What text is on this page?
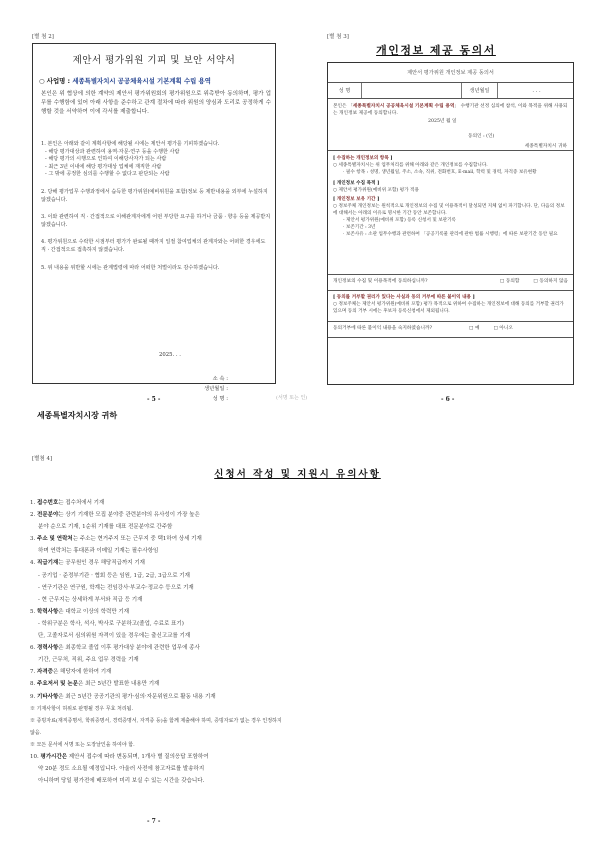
[별 첨 2]
제안서 평가위원 기피 및 보안 서약서
○ 사업명 : 세종특별자치시 공공체육시설 기본계획 수립 용역
본인은 위 협상에 의한 계약의 제안서 평가위원회의 평가위원으로 위촉받아 동의하며, 평가 업무를 수행함에 있어 아래 사항을 준수하고 관계 절차에 따라 위원의 양심과 도리로 공정하게 수행할 것을 서약하여 이에 각서를 제출합니다.
1. 본인은 아래와 같이 계획사항에 해당될 시에는 제안서 평가를 기피하겠습니다.
- 해당 평가대상과 관련하여 용역·자문·연구 등을 수행한 사람
- 해당 평가의 시행으로 인하여 이해당사자가 되는 사람
- 최근 3년 이내에 해당 평가대상 업체에 재직한 사람
- 그 밖에 공정한 심의를 수행할 수 없다고 판단되는 사람
2. 당해 평가업무 수행과정에서 습득한 평가위원(예비위원을 포함)정보 등 제반내용을 외부에 누설하지 않겠습니다.
3. 이와 관련하여 직 · 간접적으로 이해관계자에게 어떤 부당한 요구를 하거나 금품 · 향응 등을 제공받지 않겠습니다.
4. 평가위원으로 수락한 시점부터 평가가 완료될 때까지 일절 참여업체의 관계자와는 어떠한 경우에도 직 · 간접적으로 접촉하지 않겠습니다.
5. 위 내용을 위반할 시에는 관계법령에 따라 어떠한 처벌이라도 감수하겠습니다.
2025. . .
소 속 :
생년월일 :
성 명 :	(서명 또는 인)
세종특별자치시장 귀하
- 5 -
[별 첨 3]
개인정보 제공 동의서
제안서 평가위원 개인정보 제공 동의서
성 명	생년월일	. . .
본인은 「세종특별자치시 공공체육시설 기본계획 수립 용역」 수행기관 선정 심의에 참석, 이와 목적을 위해 사용되는 개인정보 제공에 동의합니다.
2025년 월 일
동의인 : (인)
세종특별자치시 귀하
[ 수집하는 개인정보의 항목 ]
○ 세종특별자치시는 위 업무처리를 위해 아래와 같은 개인정보를 수집합니다.
· 필수 항목 : 성명, 생년월일, 주소, 소속, 직위, 전화번호, E-mail, 학력 및 경력, 자격증 보유현황
[ 개인정보 수집 목적 ]
○ 제안서 평가위원(예비위 포함) 평가 적용
[ 개인정보 보유 기간 ]
○ 정보주체 개인정보는 원칙적으로 개인정보의 수집 및 이용목적이 달성되면 지체 없이 파기합니다. 단, 다음의 정보에 대해서는 아래의 이유로 명시한 기간 동안 보존합니다.
- 제안서 평가위원(예비위 포함) 등록 신청서 및 보관기록
· 보존기간 : 3년
· 보존사유 : 소관 업무수행과 관련하여 「공공기록물 관리에 관한 법률 시행령」에 따른 보관기간 동안 필요
개인정보의 수집 및 이용목적에 동의하십니까?	□ 동의함	□ 동의하지 않음
[ 동의를 거부할 권리가 있다는 사실과 동의 거부에 따른 불이익 내용 ]
○ 정보주체는 제안서 평가위원(예비위 포함) 평가 목적으로 위하여 수집하는 개인정보에 대해 동의를 거부할 권리가 있으며 동의 거부 시에는 후보자 등록신청에서 제외됩니다.
동의거부에 따른 불이익 내용을 숙지하였습니까?	□ 예	□ 아니오
- 6 -
[별첨 4]
신청서 작성 및 지원시 유의사항
1. 접수번호는 접수처에서 기재
2. 전문분야는 상기 기재한 모집 분야중 관련분야의 유사성이 가장 높은
분야 순으로 기재, 1순위 기재를 대표 전문분야로 간주함
3. 주소 및 연락처는 주소는 현거주지 또는 근무지 중 택1하여 상세 기재
하며 연락처는 휴대폰과 이메일 기재는 필수사항임
4. 직급기재는 공무원인 경우 해당직급까지 기재
- 공기업 · 준정부기관 · 협회 등은 임원, 1급, 2급, 3급으로 기재
- 연구기관은 연구원, 학계는 전임강사·부교수·정교수 등으로 기재
- 현 근무지는 상세하게 부서와 직급 등 기재
5. 학력사항은 대학교 이상의 학력만 기재
- 학위구분은 학사, 석사, 박사로 구분하고(졸업, 수료로 표기)
단, 고졸자로서 심의위원 자격이 있을 경우에는 출신고교를 기재
6. 경력사항은 최종학교 졸업 이후 평가대상 분야에 관련한 업무에 종사
기간, 근무처, 직위, 주요 업무 경력을 기재
7. 자격증은 해당자에 한하여 기재
8. 주요저서 및 논문은 최근 5년간 발표한 내용만 기재
9. 기타사항은 최근 5년간 공공기관의 평가·심의·자문위원으로 활동 내용 기재
※ 기재사항이 허위로 판명될 경우 무효 처리됨.
※ 증빙자료(재직증명서, 학위증명서, 경력증명서, 자격증 등)을 함께 제출해야 하며, 증빙자료가 없는 경우 인정하지 않음.
※ 모든 문서에 서명 또는 도장날인을 하여야 함.
10. 평가시간은 제안서 접수에 따라 변동되며, 1개사 별 질의응답 포함하여
약 20분 정도 소요될 예정입니다. 아울러 사전에 참고자료를 발송하지
아니하며 당일 평가전에 배포하여 미리 보실 수 있는 시간을 갖습니다.
- 7 -
